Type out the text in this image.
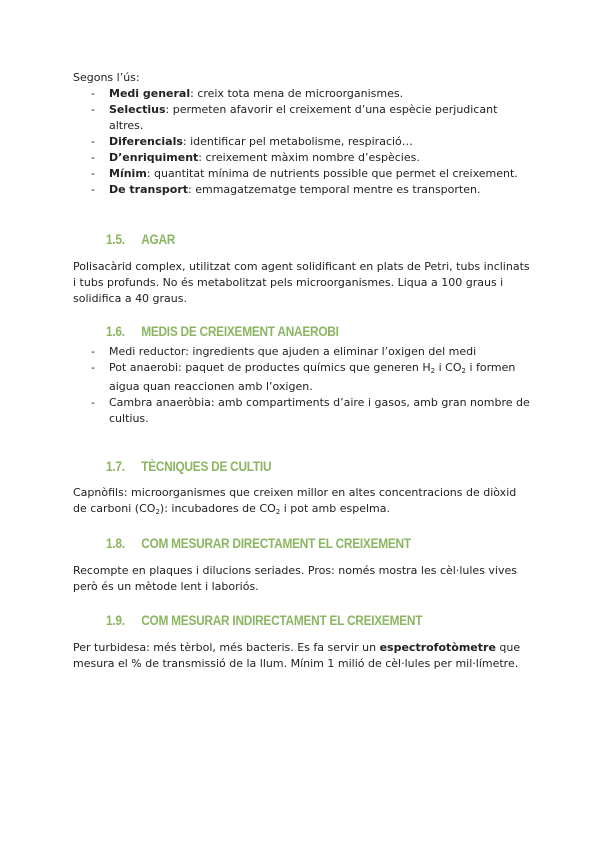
Segons l’ús:
- Medi general: creix tota mena de microorganismes.
- Selectius: permeten afavorir el creixement d’una espècie perjudicant altres.
- Diferencials: identificar pel metabolisme, respiració…
- D’enriquiment: creixement màxim nombre d’espècies.
- Mínim: quantitat mínima de nutrients possible que permet el creixement.
- De transport: emmagatzematge temporal mentre es transporten.
1.5. AGAR
Polisacàrid complex, utilitzat com agent solidificant en plats de Petri, tubs inclinats i tubs profunds. No és metabolitzat pels microorganismes. Liqua a 100 graus i solidifica a 40 graus.
1.6. MEDIS DE CREIXEMENT ANAEROBI
- Medi reductor: ingredients que ajuden a eliminar l’oxigen del medi
- Pot anaerobi: paquet de productes químics que generen $H_2$ i $CO_2$ i formen aigua quan reaccionen amb l’oxigen.
- Cambra anaeròbia: amb compartiments d’aire i gasos, amb gran nombre de cultius.
1.7. TÈCNIQUES DE CULTIU
Capnòfils: microorganismes que creixen millor en altes concentracions de diòxid de carboni $(CO_2)$: incubadores de $CO_2$ i pot amb espelma.
1.8. COM MESURAR DIRECTAMENT EL CREIXEMENT
Recompte en plaques i dilucions seriades. Pros: només mostra les cèl·lules vives però és un mètode lent i laboriós.
1.9. COM MESURAR INDIRECTAMENT EL CREIXEMENT
Per turbidesa: més tèrbol, més bacteris. Es fa servir un espectrofotòmetre que mesura el % de transmissió de la llum. Mínim 1 milió de cèl·lules per mil·límetre.
